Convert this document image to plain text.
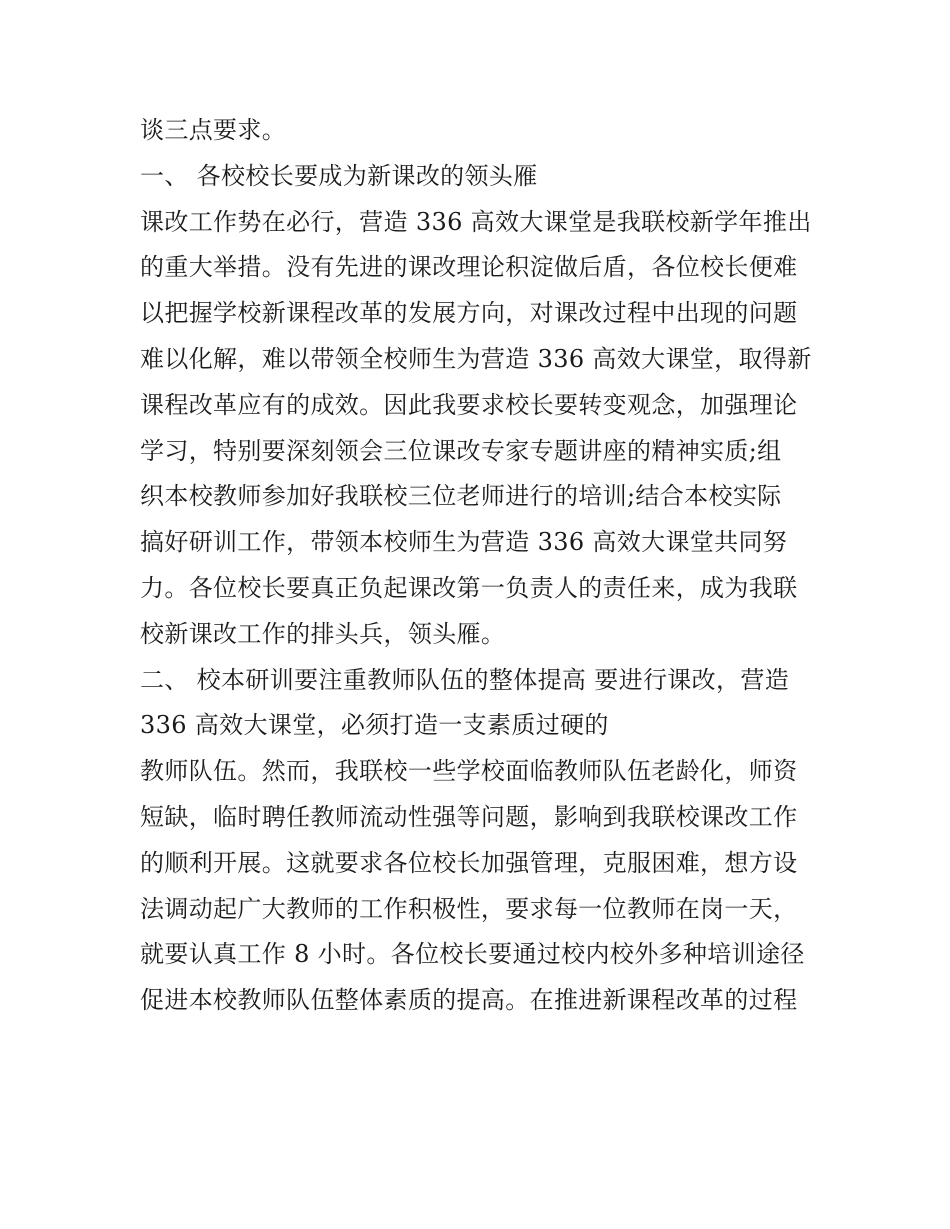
谈三点要求。
一、 各校校长要成为新课改的领头雁
课改工作势在必行，营造 336 高效大课堂是我联校新学年推出
的重大举措。没有先进的课改理论积淀做后盾，各位校长便难
以把握学校新课程改革的发展方向，对课改过程中出现的问题
难以化解，难以带领全校师生为营造 336 高效大课堂，取得新
课程改革应有的成效。因此我要求校长要转变观念，加强理论
学习，特别要深刻领会三位课改专家专题讲座的精神实质;组
织本校教师参加好我联校三位老师进行的培训;结合本校实际
搞好研训工作，带领本校师生为营造 336 高效大课堂共同努
力。各位校长要真正负起课改第一负责人的责任来，成为我联
校新课改工作的排头兵，领头雁。
二、 校本研训要注重教师队伍的整体提高 要进行课改，营造
336 高效大课堂，必须打造一支素质过硬的
教师队伍。然而，我联校一些学校面临教师队伍老龄化，师资
短缺，临时聘任教师流动性强等问题，影响到我联校课改工作
的顺利开展。这就要求各位校长加强管理，克服困难，想方设
法调动起广大教师的工作积极性，要求每一位教师在岗一天，
就要认真工作 8 小时。各位校长要通过校内校外多种培训途径
促进本校教师队伍整体素质的提高。在推进新课程改革的过程
